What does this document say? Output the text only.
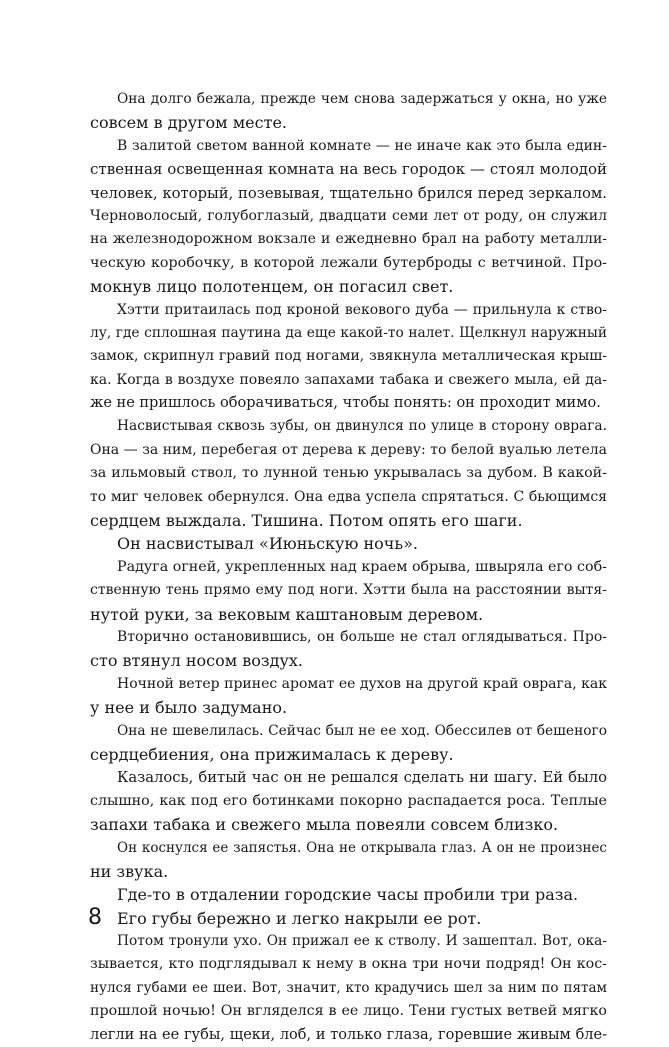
Она долго бежала, прежде чем снова задержаться у окна, но уже
совсем в другом месте.
В залитой светом ванной комнате — не иначе как это была един-
ственная освещенная комната на весь городок — стоял молодой
человек, который, позевывая, тщательно брился перед зеркалом.
Черноволосый, голубоглазый, двадцати семи лет от роду, он служил
на железнодорожном вокзале и ежедневно брал на работу металли-
ческую коробочку, в которой лежали бутерброды с ветчиной. Про-
мокнув лицо полотенцем, он погасил свет.
Хэтти притаилась под кроной векового дуба — прильнула к ство-
лу, где сплошная паутина да еще какой-то налет. Щелкнул наружный
замок, скрипнул гравий под ногами, звякнула металлическая крыш-
ка. Когда в воздухе повеяло запахами табака и свежего мыла, ей да-
же не пришлось оборачиваться, чтобы понять: он проходит мимо.
Насвистывая сквозь зубы, он двинулся по улице в сторону оврага.
Она — за ним, перебегая от дерева к дереву: то белой вуалью летела
за ильмовый ствол, то лунной тенью укрывалась за дубом. В какой-
то миг человек обернулся. Она едва успела спрятаться. С бьющимся
сердцем выждала. Тишина. Потом опять его шаги.
Он насвистывал «Июньскую ночь».
Радуга огней, укрепленных над краем обрыва, швыряла его соб-
ственную тень прямо ему под ноги. Хэтти была на расстоянии вытя-
нутой руки, за вековым каштановым деревом.
Вторично остановившись, он больше не стал оглядываться. Про-
сто втянул носом воздух.
Ночной ветер принес аромат ее духов на другой край оврага, как
у нее и было задумано.
Она не шевелилась. Сейчас был не ее ход. Обессилев от бешеного
сердцебиения, она прижималась к дереву.
Казалось, битый час он не решался сделать ни шагу. Ей было
слышно, как под его ботинками покорно распадается роса. Теплые
запахи табака и свежего мыла повеяли совсем близко.
Он коснулся ее запястья. Она не открывала глаз. А он не произнес
ни звука.
Где-то в отдалении городские часы пробили три раза.
Его губы бережно и легко накрыли ее рот.
Потом тронули ухо. Он прижал ее к стволу. И зашептал. Вот, ока-
зывается, кто подглядывал к нему в окна три ночи подряд! Он кос-
нулся губами ее шеи. Вот, значит, кто крадучись шел за ним по пятам
прошлой ночью! Он вгляделся в ее лицо. Тени густых ветвей мягко
легли на ее губы, щеки, лоб, и только глаза, горевшие живым бле-
8
